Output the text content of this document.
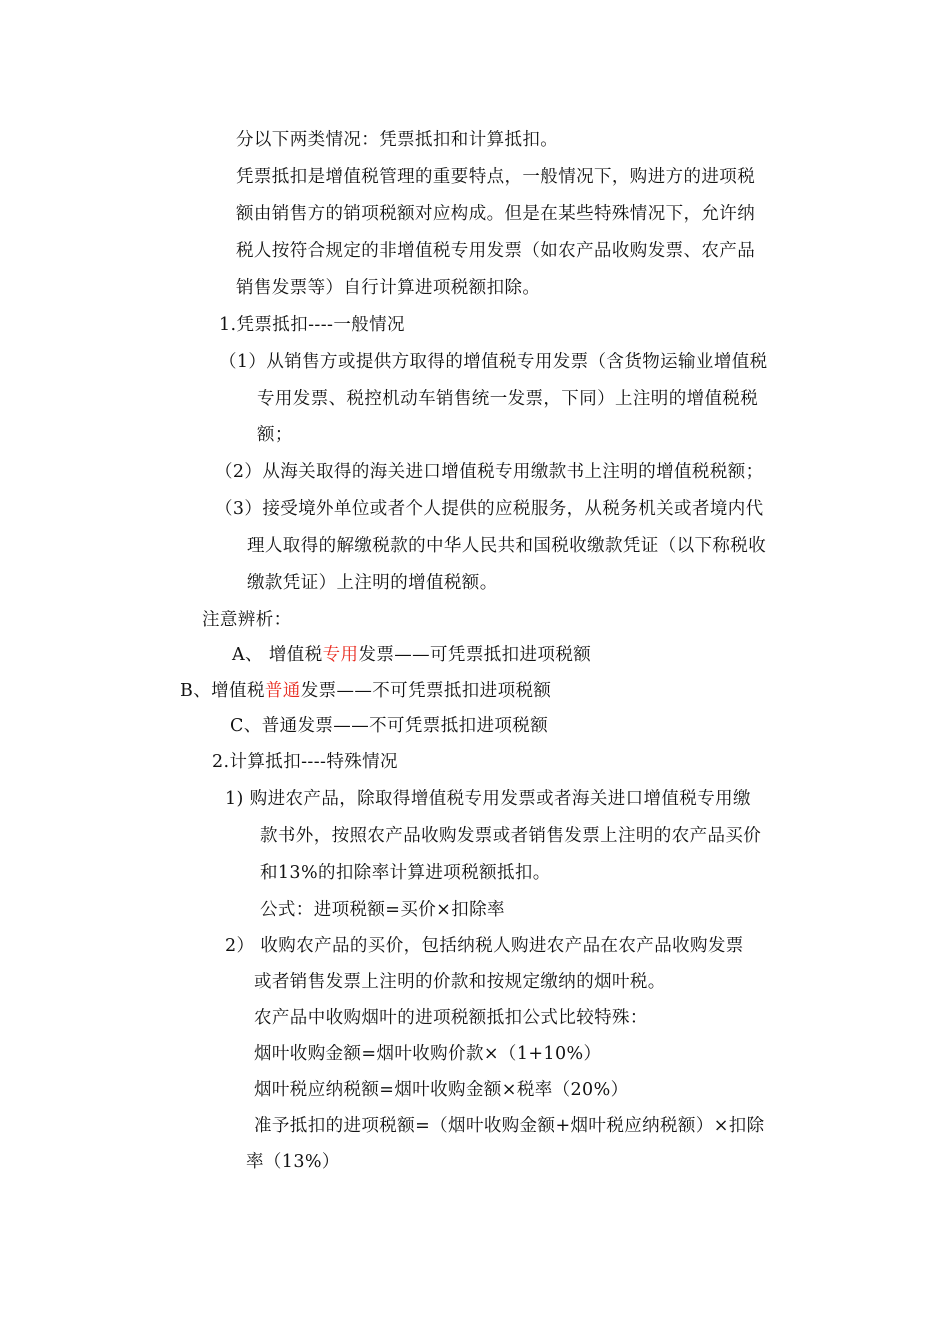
分以下两类情况：凭票抵扣和计算抵扣。
凭票抵扣是增值税管理的重要特点，一般情况下，购进方的进项税
额由销售方的销项税额对应构成。但是在某些特殊情况下，允许纳
税人按符合规定的非增值税专用发票（如农产品收购发票、农产品
销售发票等）自行计算进项税额扣除。
1.凭票抵扣----一般情况
（1）从销售方或提供方取得的增值税专用发票（含货物运输业增值税
专用发票、税控机动车销售统一发票，下同）上注明的增值税税
额；
（2）从海关取得的海关进口增值税专用缴款书上注明的增值税税额；
（3）接受境外单位或者个人提供的应税服务，从税务机关或者境内代
理人取得的解缴税款的中华人民共和国税收缴款凭证（以下称税收
缴款凭证）上注明的增值税额。
注意辨析：
A、 增值税专用发票——可凭票抵扣进项税额
B、增值税普通发票——不可凭票抵扣进项税额
C、普通发票——不可凭票抵扣进项税额
2.计算抵扣----特殊情况
1) 购进农产品，除取得增值税专用发票或者海关进口增值税专用缴
款书外，按照农产品收购发票或者销售发票上注明的农产品买价
和13%的扣除率计算进项税额抵扣。
公式：进项税额=买价×扣除率
2） 收购农产品的买价，包括纳税人购进农产品在农产品收购发票
或者销售发票上注明的价款和按规定缴纳的烟叶税。
农产品中收购烟叶的进项税额抵扣公式比较特殊：
烟叶收购金额=烟叶收购价款×（1+10%）
烟叶税应纳税额=烟叶收购金额×税率（20%）
准予抵扣的进项税额=（烟叶收购金额+烟叶税应纳税额）×扣除
率（13%）
